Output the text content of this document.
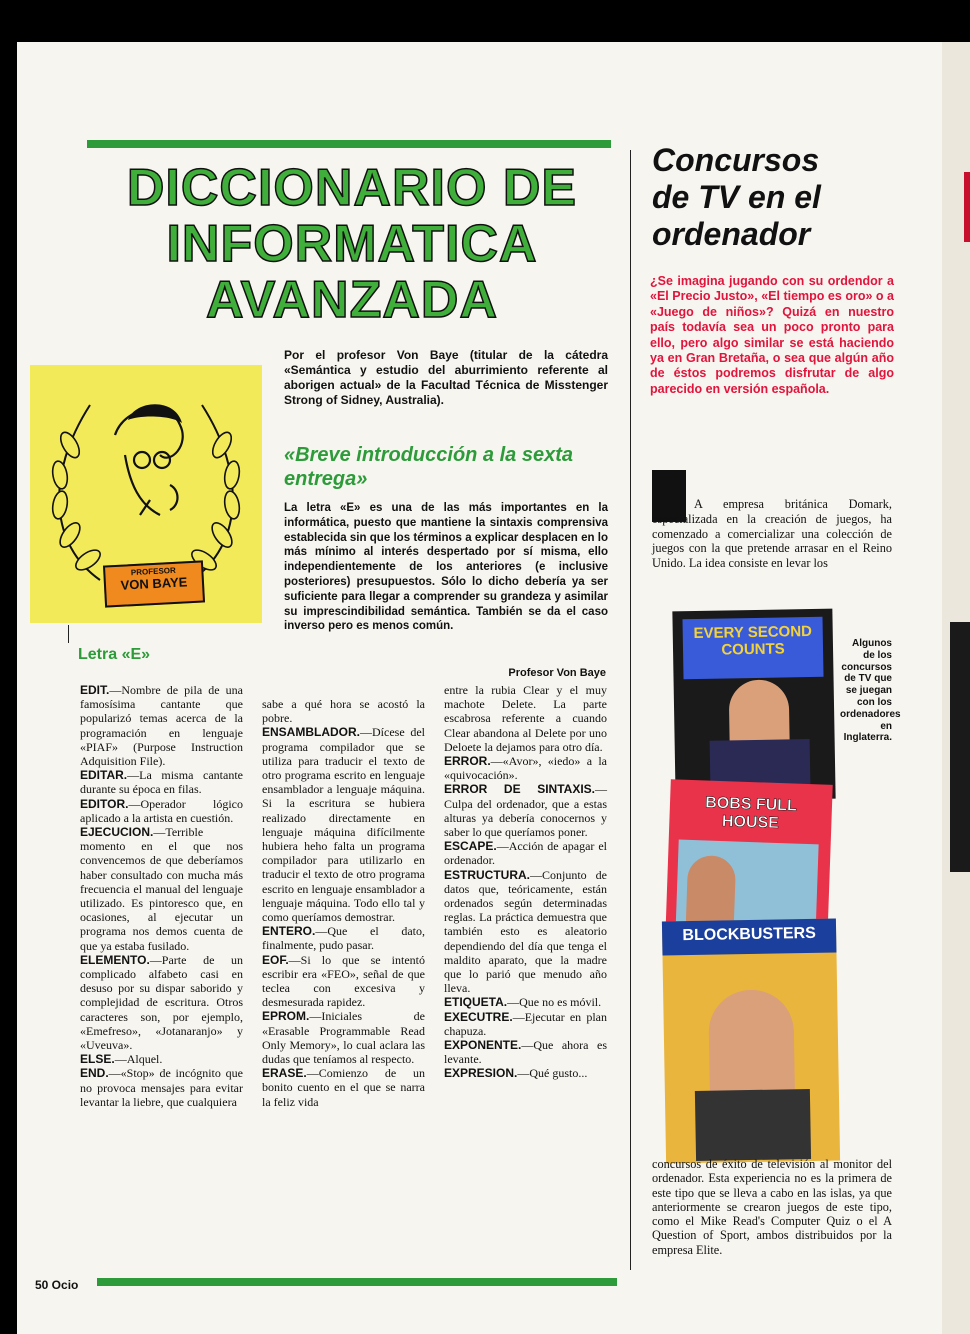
DICCIONARIO DE
INFORMATICA
AVANZADA
PROFESOR
VON BAYE
Por el profesor Von Baye (titular de la cátedra «Semántica y estudio del aburrimiento referente al aborigen actual» de la Facultad Técnica de Misstenger Strong of Sidney, Australia).
«Breve introducción a la sexta entrega»
La letra «E» es una de las más importantes en la informática, puesto que mantiene la sintaxis comprensiva establecida sin que los términos a explicar desplacen en lo más mínimo al interés despertado por sí misma, ello independientemente de los anteriores (e inclusive posteriores) presupuestos. Sólo lo dicho debería ya ser suficiente para llegar a comprender su grandeza y asimilar su imprescindibilidad semántica. También se da el caso inverso pero es menos común.
Profesor Von Baye
Letra «E»

EDIT.—Nombre de pila de una famosísima cantante que popularizó temas acerca de la programación en lenguaje «PIAF» (Purpose Instruction Adquisition File).

EDITAR.—La misma cantante durante su época en filas.

EDITOR.—Operador lógico aplicado a la artista en cuestión.

EJECUCION.—Terrible momento en el que nos convencemos de que deberíamos haber consultado con mucha más frecuencia el manual del lenguaje utilizado. Es pintoresco que, en ocasiones, al ejecutar un programa nos demos cuenta de que ya estaba fusilado.

ELEMENTO.—Parte de un complicado alfabeto casi en desuso por su dispar saborido y complejidad de escritura. Otros caracteres son, por ejemplo, «Emefreso», «Jotanaranjo» y «Uveuva».

ELSE.—Alquel.

END.—«Stop» de incógnito que no provoca mensajes para evitar levantar la liebre, que cualquiera

sabe a qué hora se acostó la pobre.

ENSAMBLADOR.—Dícese del programa compilador que se utiliza para traducir el texto de otro programa escrito en lenguaje ensamblador a lenguaje máquina. Si la escritura se hubiera realizado directamente en lenguaje máquina difícilmente hubiera heho falta un programa compilador para utilizarlo en traducir el texto de otro programa escrito en lenguaje ensamblador a lenguaje máquina. Todo ello tal y como queríamos demostrar.

ENTERO.—Que el dato, finalmente, pudo pasar.

EOF.—Si lo que se intentó escribir era «FEO», señal de que teclea con excesiva y desmesurada rapidez.

EPROM.—Iniciales de «Erasable Programmable Read Only Memory», lo cual aclara las dudas que teníamos al respecto.

ERASE.—Comienzo de un bonito cuento en el que se narra la feliz vida

entre la rubia Clear y el muy machote Delete. La parte escabrosa referente a cuando Clear abandona al Delete por uno Deloete la dejamos para otro día.

ERROR.—«Avor», «iedo» a la «quivocación».

ERROR DE SINTAXIS.—Culpa del ordenador, que a estas alturas ya debería conocernos y saber lo que queríamos poner.

ESCAPE.—Acción de apagar el ordenador.

ESTRUCTURA.—Conjunto de datos que, teóricamente, están ordenados según determinadas reglas. La práctica demuestra que también esto es aleatorio dependiendo del día que tenga el maldito aparato, que la madre que lo parió que menudo año lleva.

ETIQUETA.—Que no es móvil.

EXECUTRE.—Ejecutar en plan chapuza.

EXPONENTE.—Que ahora es levante.

EXPRESION.—Qué gusto...

Concursos
de TV en el
ordenador
¿Se imagina jugando con su ordendor a «El Precio Justo», «El tiempo es oro» o a «Juego de niños»? Quizá en nuestro país todavía sea un poco pronto para ello, pero algo similar se está haciendo ya en Gran Bretaña, o sea que algún año de éstos podremos disfrutar de algo parecido en versión española.
A empresa británica Domark, especializada en la creación de juegos, ha comenzado a comercializar una colección de juegos con la que pretende arrasar en el Reino Unido. La idea consiste en levar los
EVERY SECOND COUNTS
BOBS FULL HOUSE
BLOCKBUSTERS
Algunos de los concursos de TV que se juegan con los ordenadores en Inglaterra.
concursos de éxito de televisión al monitor del ordenador. Esta experiencia no es la primera de este tipo que se lleva a cabo en las islas, ya que anteriormente se crearon juegos de este tipo, como el Mike Read's Computer Quiz o el A Question of Sport, ambos distribuidos por la empresa Elite.
50 Ocio
